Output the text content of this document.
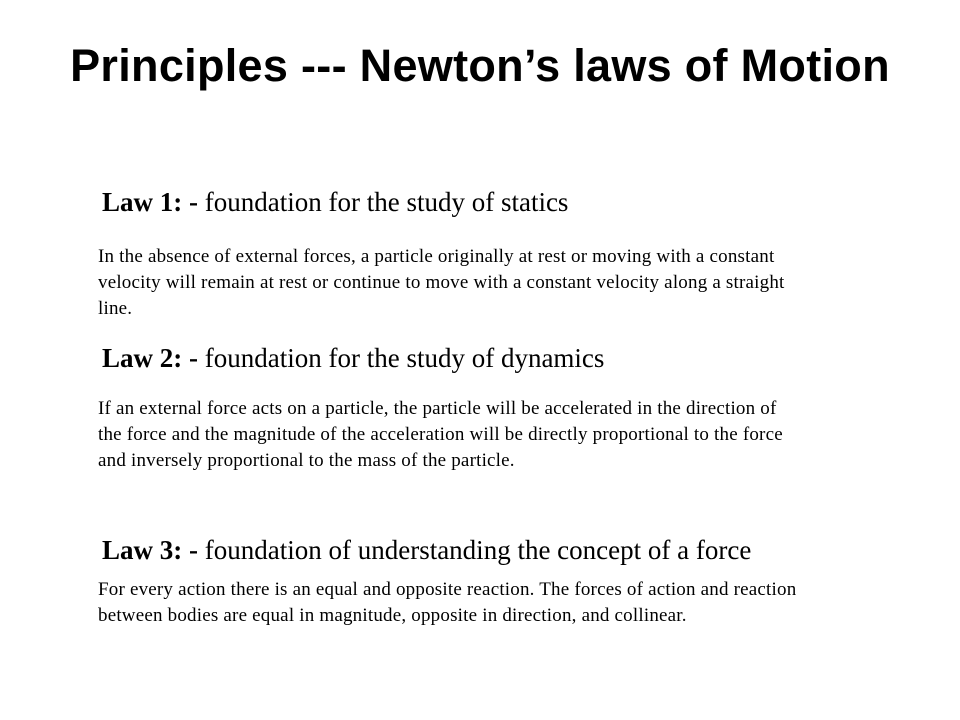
Principles --- Newton’s laws of Motion
Law 1: - foundation for the study of statics

In the absence of external forces, a particle originally at rest or moving with a constant velocity will remain at rest or continue to move with a constant velocity along a straight line.

Law 2: - foundation for the study of dynamics

If an external force acts on a particle, the particle will be accelerated in the direction of the force and the magnitude of the acceleration will be directly proportional to the force and inversely proportional to the mass of the particle.

Law 3: - foundation of understanding the concept of a force

For every action there is an equal and opposite reaction. The forces of action and reaction between bodies are equal in magnitude, opposite in direction, and collinear.
